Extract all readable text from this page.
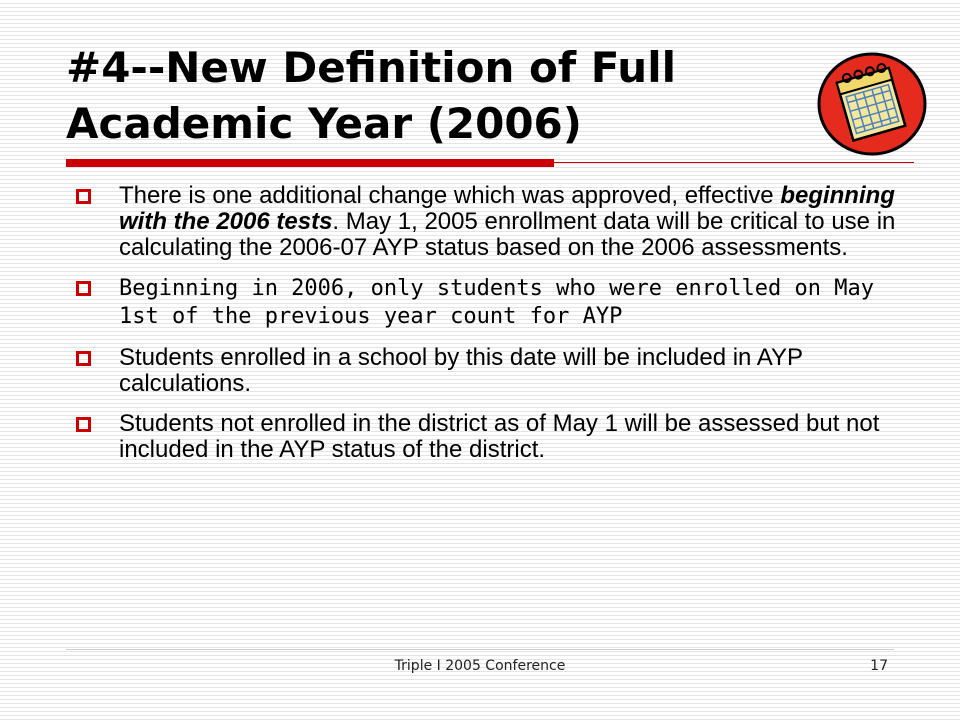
#4--New Definition of Full
Academic Year (2006)
There is one additional change which was approved, effective beginning with the 2006 tests. May 1, 2005 enrollment data will be critical to use in calculating the 2006-07 AYP status based on the 2006 assessments.
Beginning in 2006, only students who were enrolled on May 1st of the previous year count for AYP
Students enrolled in a school by this date will be included in AYP calculations.
Students not enrolled in the district as of May 1 will be assessed but not included in the AYP status of the district.
Triple I 2005 Conference	17
